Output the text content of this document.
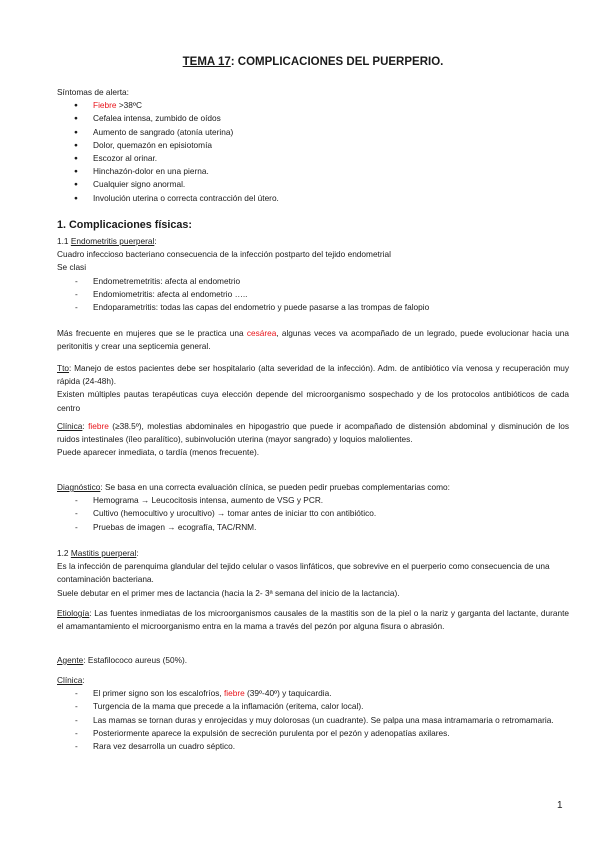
TEMA 17: COMPLICACIONES DEL PUERPERIO.

Síntomas de alerta:

● Fiebre >38ºC
● Cefalea intensa, zumbido de oídos
● Aumento de sangrado (atonía uterina)
● Dolor, quemazón en episiotomía
● Escozor al orinar.
● Hinchazón-dolor en una pierna.
● Cualquier signo anormal.
● Involución uterina o correcta contracción del útero.
1. Complicaciones físicas:

1.1 Endometritis puerperal:

Cuadro infeccioso bacteriano consecuencia de la infección postparto del tejido endometrial

Se clasi

- Endometremetritis: afecta al endometrio
- Endomiometritis: afecta al endometrio …..
- Endoparametritis: todas las capas del endometrio y puede pasarse a las trompas de falopio

Más frecuente en mujeres que se le practica una cesárea, algunas veces va acompañado de un legrado, puede evolucionar hacia una peritonitis y crear una septicemia general.

Tto: Manejo de estos pacientes debe ser hospitalario (alta severidad de la infección). Adm. de antibiótico vía venosa y recuperación muy rápida (24-48h).

Existen múltiples pautas terapéuticas cuya elección depende del microorganismo sospechado y de los protocolos antibióticos de cada centro

Clínica: fiebre (≥38.5º), molestias abdominales en hipogastrio que puede ir acompañado de distensión abdominal y disminución de los ruidos intestinales (íleo paralítico), subinvolución uterina (mayor sangrado) y loquios malolientes.

Puede aparecer inmediata, o tardía (menos frecuente).

Diagnóstico: Se basa en una correcta evaluación clínica, se pueden pedir pruebas complementarias como:

- Hemograma → Leucocitosis intensa, aumento de VSG y PCR.
- Cultivo (hemocultivo y urocultivo) → tomar antes de iniciar tto con antibiótico.
- Pruebas de imagen → ecografía, TAC/RNM.

1.2 Mastitis puerperal:

Es la infección de parenquima glandular del tejido celular o vasos linfáticos, que sobrevive en el puerperio como consecuencia de una contaminación bacteriana.

Suele debutar en el primer mes de lactancia (hacia la 2- 3ª semana del inicio de la lactancia).

Etiología: Las fuentes inmediatas de los microorganismos causales de la mastitis son de la piel o la nariz y garganta del lactante, durante el amamantamiento el microorganismo entra en la mama a través del pezón por alguna fisura o abrasión.

Agente: Estafilococo aureus (50%).

Clínica:

- El primer signo son los escalofríos, fiebre (39º-40º) y taquicardia.
- Turgencia de la mama que precede a la inflamación (eritema, calor local).
- Las mamas se tornan duras y enrojecidas y muy dolorosas (un cuadrante). Se palpa una masa intramamaria o retromamaria.
- Posteriormente aparece la expulsión de secreción purulenta por el pezón y adenopatías axilares.
- Rara vez desarrolla un cuadro séptico.
1
